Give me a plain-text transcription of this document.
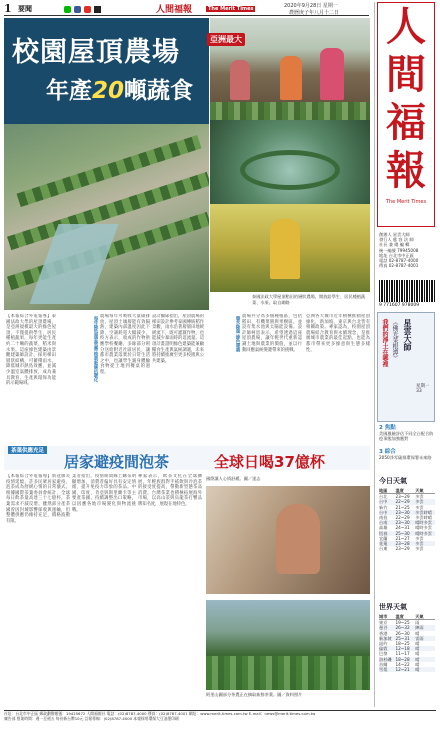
1 要聞	人間福報	The Merit Times	2020年9月28日 星期一
農曆庚子年八月十二日
校園屋頂農場
年產20噸蔬食
亞洲最大
泰國法政大學屋頂稻田的層狀農場，開放給學生、居民種植蔬菜、水果。取自網路
【本報綜合外電報導】泰國法政大學的屋頂農場，是亞洲規模最大的綠色屋頂，不僅提供學生、居民種植蔬果，每年更能生產約二十噸的蔬菜、稻米與水果。這座綠色建築由景觀建築師設計，採用梯田層狀結構，可蓄積雨水、降低城市熱島效應，並減少溫室氣體排放，成為兼具教育、生產與環保功能的示範場域。
每年降低溫室效應 植栽吸碳抗暖化
農場每年可吸收大量碳排放，屋頂土壤層能有效隔熱，建築內部溫度因此下降，空調耗電大幅減少。校方表示，收成的作物供應學校餐廳，多餘部分則分送給附近社區居民，讓都市農業落實於日常生活之中，也讓學生親身體驗食物從土地到餐桌的過程。
設計團隊指出，屋頂農場的梯田設計參考泰國傳統稻作景觀，雨水沿著層層田地緩緩流下，既可灌溉作物，也能減少暴雨時的逕流量。這項計畫證明綠色建築能兼顧糧食生產與氣候調適，未來將持續推廣至更多校園與公共建築。
儲水降溫 綠色建築
農場共分為多個種植區，包括稻田、有機菜園與果樹區，並設有集水池與太陽能設備。設計師柯恩表示，希望透過這座屋頂農場，讓年輕世代重新認識土地與農業的價值，並以行動回應氣候變遷帶來的挑戰。
亞洲各大城市近年積極推動屋頂綠化，新加坡、東京與台北皆有相關政策。專家認為，校園屋頂農場結合教育與永續理念，是推廣城市農業的最佳起點，也能為都市帶來更多綠意與生態多樣性。
茶葉供應充足
居家避疫間泡茶	全球日喝37億杯
【本報綜合外電報導】新冠肺炎疫情延燒，許多民眾居家避疫，泡茶成為舒緩心情的日常儀式。根據國際茶葉委員會統計，全球每日飲茶量高達三十七億杯，茶葉需求不減反增。雖然部分產茶國曾因封城影響採收與運輸，但整體供應仍維持充足，價格波動有限。
業者指出，疫情期間線上購茶明顯增加，消費者偏好具有安定情緒、提升免疫力印象的茶品。中國、印度、肯亞與斯里蘭卡等主要產茶國，持續調整出口策略，以因應各地市場變化與物流挑戰。
專家表示，飲茶文化在全球擴展，年輕族群對手搖飲與冷泡茶的接受度提高，帶動新型態茶品消費。台灣茶業也積極拓展海外市場，以高山茶與烏龍茶打響品牌知名度，展現在地特色。
國際讓人心情舒緩。圖／達志
阿里山圖部分茶農正在摘取新鮮茶葉。圖／資料照片
人
間
福
報
The Merit Times
創辦人 星雲大師
發行人 慈 容 法 師
社長 兼 總 編 輯
統一編號 79945008
地址 台北市中正區
電話 02-8787-4000
傳真 02-8787-4001
9 771607 978009
星雲大師
《佛光菜根譚》
我們的淨土在哪裡
星期一 33
2 焦點
美國風險評估不同全台配合防疫事態加強應對
3 綜合
2050淨零碳排環保署未來路
今日天氣
地區	溫度	天氣
台北	23~29	多雲
台中	22~29	多雲
新竹	21~25	多雲
台中	23~30	多雲時晴
南投	22~29	多雲時晴
台南	23~30	晴時多雲
高雄	24~31	晴時多雲
恆春	25~30	晴時多雲
宜蘭	21~27	多雲
花蓮	23~28	多雲
台東	23~29	多雲
世界天氣
城市	溫度	天氣
東京	19~25	雨
曼谷	26~32	陣雨
香港	26~30	晴
新加坡 25~31	雷雨
紐約	18~25	晴
倫敦	12~18	晴
巴黎	11~17	晴
洛杉磯 18~28	晴
首爾	14~22	晴
雪梨	12~21	晴
社址：台北市中正區 郵政劃撥帳號：19425672 人間福報社 電話：(02)8787-4000 傳真：(02)8787-4001 網址：www.merit-times.com.tw E-mail：news@merit-times.com.tw
廣告部 營業時間：週一至週五 每份新台幣10元 訂報專線：(02)8787-4000 本報採用環保大豆油墨印刷
